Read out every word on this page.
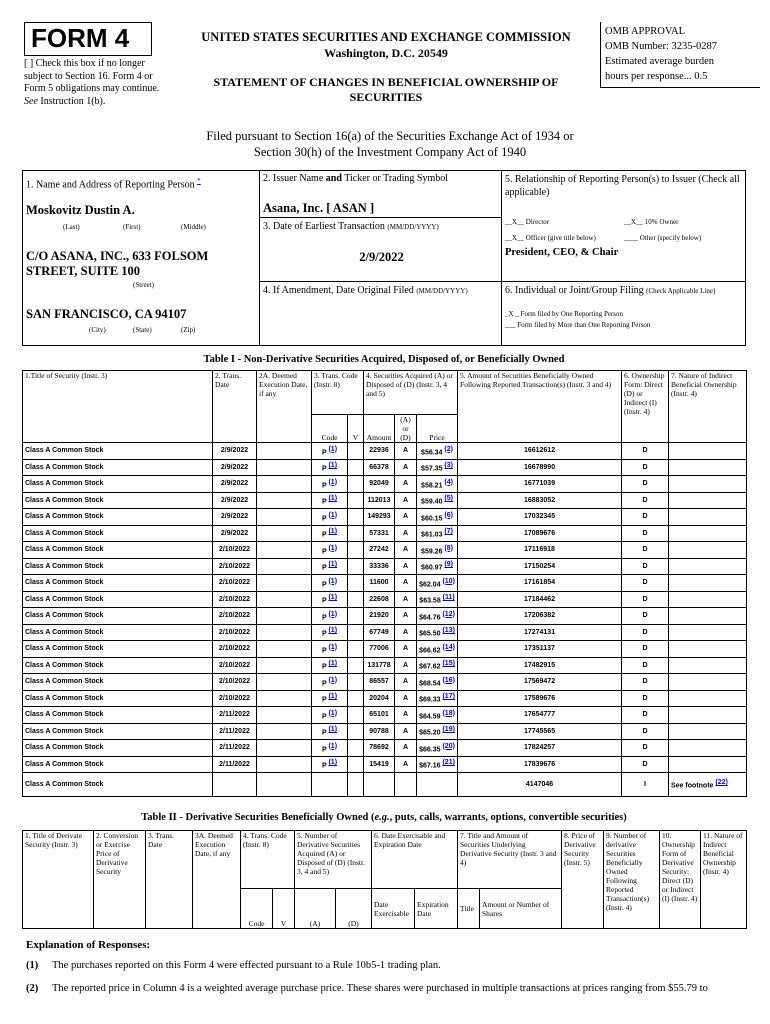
FORM 4
[ ] Check this box if no longer subject to Section 16. Form 4 or Form 5 obligations may continue. See Instruction 1(b).
UNITED STATES SECURITIES AND EXCHANGE COMMISSION
Washington, D.C. 20549
STATEMENT OF CHANGES IN BENEFICIAL OWNERSHIP OF SECURITIES
OMB APPROVAL
OMB Number: 3235-0287
Estimated average burden
hours per response... 0.5
Filed pursuant to Section 16(a) of the Securities Exchange Act of 1934 or
Section 30(h) of the Investment Company Act of 1940
1. Name and Address of Reporting Person *
Moskovitz Dustin A.
(Last)	(First)	(Middle)
C/O ASANA, INC., 633 FOLSOM STREET, SUITE 100
(Street)
SAN FRANCISCO, CA 94107
(City)	(State)	(Zip)
2. Issuer Name and Ticker or Trading Symbol
Asana, Inc. [ ASAN ]
3. Date of Earliest Transaction (MM/DD/YYYY)
2/9/2022
4. If Amendment, Date Original Filed (MM/DD/YYYY)
5. Relationship of Reporting Person(s) to Issuer (Check all applicable)
__X__ Director	__X__ 10% Owner
__X__ Officer (give title below)	____ Other (specify below)
President, CEO, & Chair
6. Individual or Joint/Group Filing (Check Applicable Line)
_X _ Form filed by One Reporting Person
___ Form filed by More than One Reporting Person
Table I - Non-Derivative Securities Acquired, Disposed of, or Beneficially Owned
1.Title of Security (Instr. 3)	2. Trans. Date	2A. Deemed Execution Date, if any	3. Trans. Code (Instr. 8)		4. Securities Acquired (A) or Disposed of (D) (Instr. 3, 4 and 5)			5. Amount of Securities Beneficially Owned Following Reported Transaction(s) (Instr. 3 and 4)	6. Ownership Form: Direct (D) or Indirect (I) (Instr. 4)	7. Nature of Indirect Beneficial Ownership (Instr. 4)
			Code	V	Amount	(A) or (D)	Price			
Class A Common Stock	2/9/2022		P (1)		22936	A	$56.34 (2)	16612612	D	
Class A Common Stock	2/9/2022		P (1)		66378	A	$57.35 (3)	16678990	D	
Class A Common Stock	2/9/2022		P (1)		92049	A	$58.21 (4)	16771039	D	
Class A Common Stock	2/9/2022		P (1)		112013	A	$59.40 (5)	16883052	D	
Class A Common Stock	2/9/2022		P (1)		149293	A	$60.15 (6)	17032345	D	
Class A Common Stock	2/9/2022		P (1)		57331	A	$61.03 (7)	17089676	D	
Class A Common Stock	2/10/2022		P (1)		27242	A	$59.26 (8)	17116918	D	
Class A Common Stock	2/10/2022		P (1)		33336	A	$60.97 (9)	17150254	D	
Class A Common Stock	2/10/2022		P (1)		11600	A	$62.04 (10)	17161854	D	
Class A Common Stock	2/10/2022		P (1)		22608	A	$63.58 (11)	17184462	D	
Class A Common Stock	2/10/2022		P (1)		21920	A	$64.76 (12)	17206382	D	
Class A Common Stock	2/10/2022		P (1)		67749	A	$65.50 (13)	17274131	D	
Class A Common Stock	2/10/2022		P (1)		77006	A	$66.62 (14)	17351137	D	
Class A Common Stock	2/10/2022		P (1)		131778	A	$67.62 (15)	17482915	D	
Class A Common Stock	2/10/2022		P (1)		86557	A	$68.54 (16)	17569472	D	
Class A Common Stock	2/10/2022		P (1)		20204	A	$69.33 (17)	17589676	D	
Class A Common Stock	2/11/2022		P (1)		65101	A	$64.59 (18)	17654777	D	
Class A Common Stock	2/11/2022		P (1)		90788	A	$65.20 (19)	17745565	D	
Class A Common Stock	2/11/2022		P (1)		78692	A	$66.35 (20)	17824257	D	
Class A Common Stock	2/11/2022		P (1)		15419	A	$67.16 (21)	17839676	D	
Class A Common Stock								4147046	I	See footnote (22)
Table II - Derivative Securities Beneficially Owned (e.g., puts, calls, warrants, options, convertible securities)
1. Title of Derivate Security (Instr. 3)	2. Conversion or Exercise Price of Derivative Security	3. Trans. Date	3A. Deemed Execution Date, if any	4. Trans. Code (Instr. 8)		5. Number of Derivative Securities Acquired (A) or Disposed of (D) (Instr. 3, 4 and 5)		6. Date Exercisable and Expiration Date		7. Title and Amount of Securities Underlying Derivative Security (Instr. 3 and 4)		8. Price of Derivative Security (Instr. 5)	9. Number of derivative Securities Beneficially Owned Following Reported Transaction(s) (Instr. 4)	10. Ownership Form of Derivative Security: Direct (D) or Indirect (I) (Instr. 4)	11. Nature of Indirect Beneficial Ownership (Instr. 4)
				Code	V	(A)	(D)	Date Exercisable	Expiration Date	Title	Amount or Number of Shares				
Explanation of Responses:
(1) The purchases reported on this Form 4 were effected pursuant to a Rule 10b5-1 trading plan.
(2) The reported price in Column 4 is a weighted average purchase price. These shares were purchased in multiple transactions at prices ranging from $55.79 to
